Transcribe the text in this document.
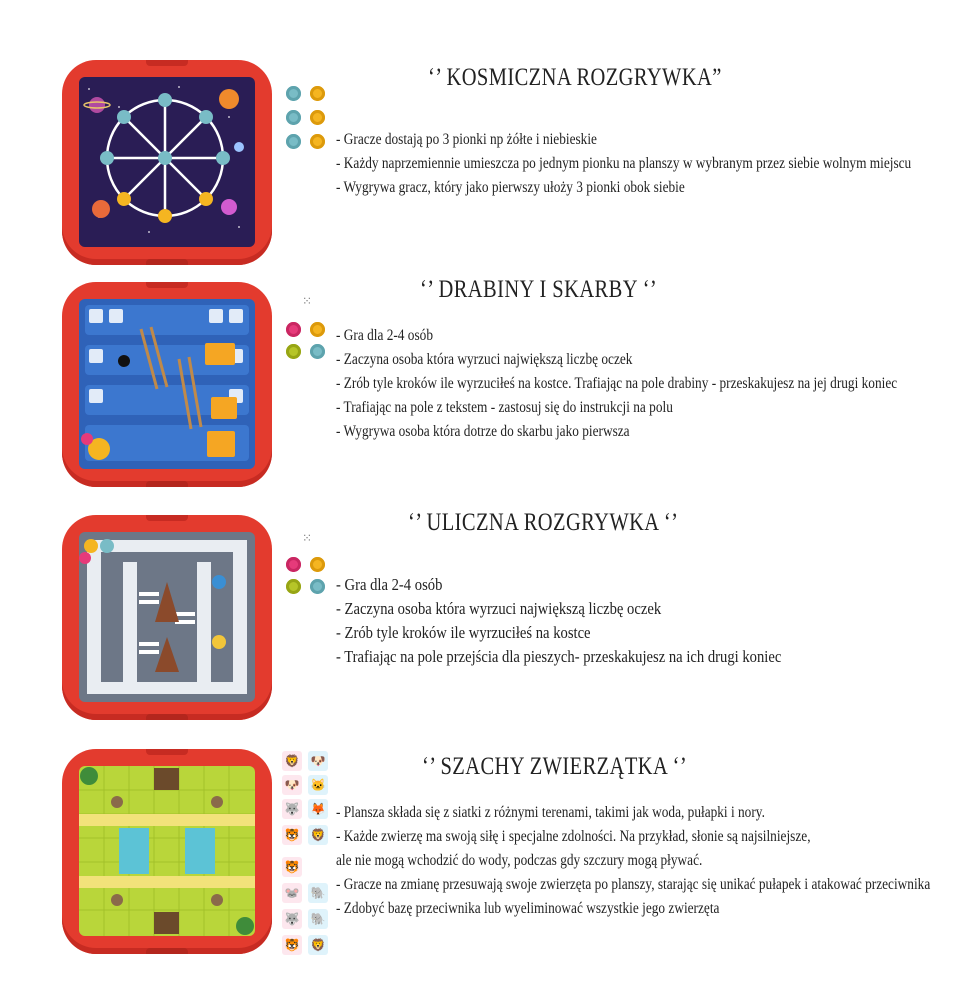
‘’ KOSMICZNA ROZGRYWKA”
- Gracze dostają po 3 pionki np żółte i niebieskie
- Każdy naprzemiennie umieszcza po jednym pionku na planszy w wybranym przez siebie wolnym miejscu
- Wygrywa gracz, który jako pierwszy ułoży 3 pionki obok siebie
⁙	‘’ DRABINY I SKARBY ‘’
- Gra dla 2-4 osób
- Zaczyna osoba która wyrzuci największą liczbę oczek
- Zrób tyle kroków ile wyrzuciłeś na kostce. Trafiając na pole drabiny - przeskakujesz na jej drugi koniec
- Trafiając na pole z tekstem - zastosuj się do instrukcji na polu
- Wygrywa osoba która dotrze do skarbu jako pierwsza
⁙
‘’ ULICZNA ROZGRYWKA ‘’
- Gra dla 2-4 osób
- Zaczyna osoba która wyrzuci największą liczbę oczek
- Zrób tyle kroków ile wyrzuciłeś na kostce
- Trafiając na pole przejścia dla pieszych- przeskakujesz na ich drugi koniec
🦁 🐶
🐶 🐱
🐺 🦊
🐯 🦁
🐯
🐭 🐘
🐺 🐘
🐯 🦁
‘’ SZACHY ZWIERZĄTKA ‘’
- Plansza składa się z siatki z różnymi terenami, takimi jak woda, pułapki i nory.
- Każde zwierzę ma swoją siłę i specjalne zdolności. Na przykład, słonie są najsilniejsze,
ale nie mogą wchodzić do wody, podczas gdy szczury mogą pływać.
- Gracze na zmianę przesuwają swoje zwierzęta po planszy, starając się unikać pułapek i atakować przeciwnika
- Zdobyć bazę przeciwnika lub wyeliminować wszystkie jego zwierzęta
